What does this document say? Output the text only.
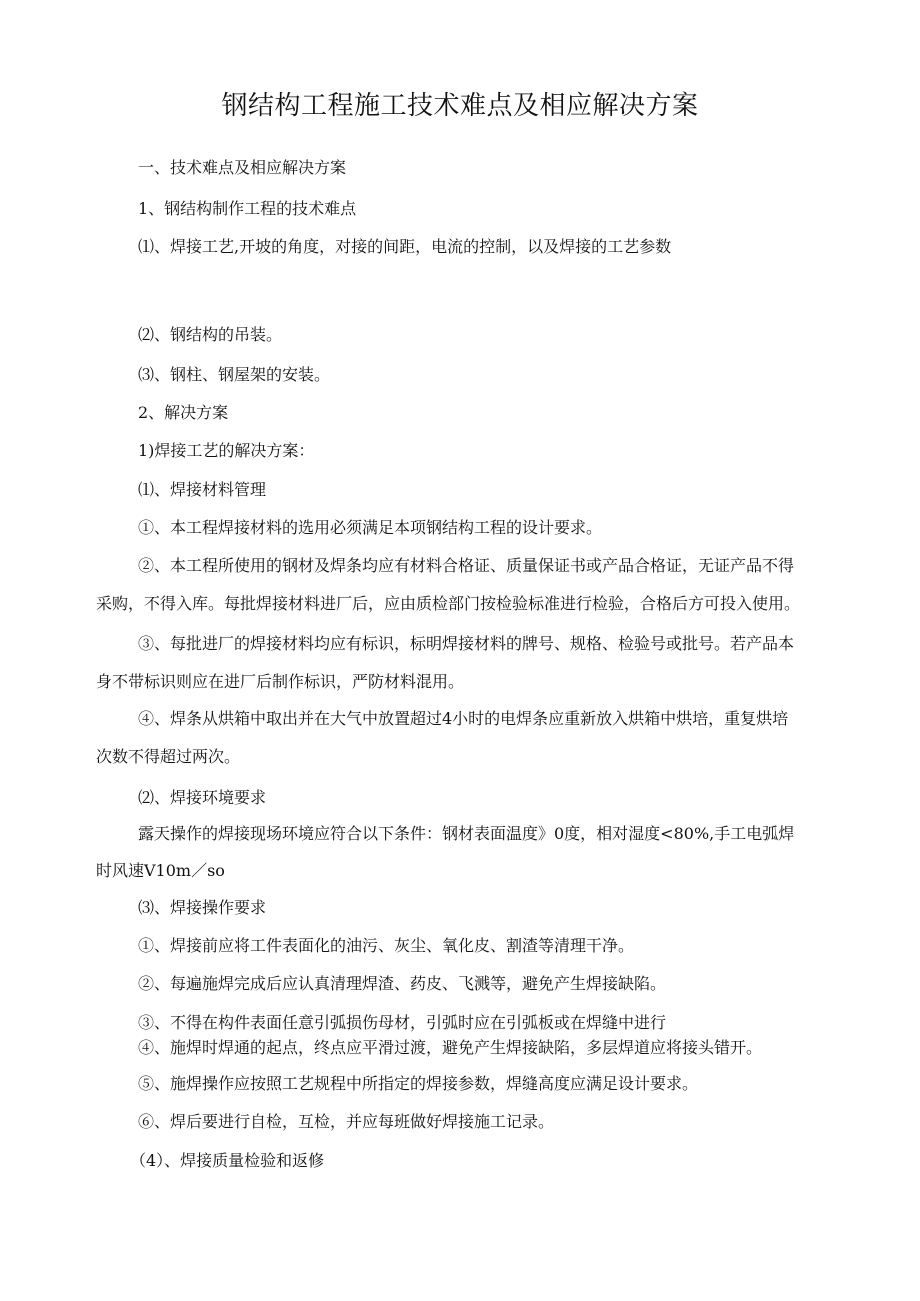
钢结构工程施工技术难点及相应解决方案

一、技术难点及相应解决方案

1、钢结构制作工程的技术难点

⑴、焊接工艺,开坡的角度，对接的间距，电流的控制，以及焊接的工艺参数

⑵、钢结构的吊装。

⑶、钢柱、钢屋架的安装。

2、解决方案

1)焊接工艺的解决方案：

⑴、焊接材料管理

①、本工程焊接材料的选用必须满足本项钢结构工程的设计要求。

②、本工程所使用的钢材及焊条均应有材料合格证、质量保证书或产品合格证，无证产品不得

采购，不得入库。每批焊接材料进厂后，应由质检部门按检验标准进行检验，合格后方可投入使用。

③、每批进厂的焊接材料均应有标识，标明焊接材料的牌号、规格、检验号或批号。若产品本

身不带标识则应在进厂后制作标识，严防材料混用。

④、焊条从烘箱中取出并在大气中放置超过4小时的电焊条应重新放入烘箱中烘培，重复烘培

次数不得超过两次。

⑵、焊接环境要求

露天操作的焊接现场环境应符合以下条件：钢材表面温度》0度，相对湿度<80%,手工电弧焊

时风速V10m／so

⑶、焊接操作要求

①、焊接前应将工件表面化的油污、灰尘、氧化皮、割渣等清理干净。

②、每遍施焊完成后应认真清理焊渣、药皮、飞溅等，避免产生焊接缺陷。

③、不得在构件表面任意引弧损伤母材，引弧时应在引弧板或在焊缝中进行

④、施焊时焊通的起点，终点应平滑过渡，避免产生焊接缺陷，多层焊道应将接头错开。

⑤、施焊操作应按照工艺规程中所指定的焊接参数，焊缝高度应满足设计要求。

⑥、焊后要进行自检，互检，并应每班做好焊接施工记录。

（4）、焊接质量检验和返修
